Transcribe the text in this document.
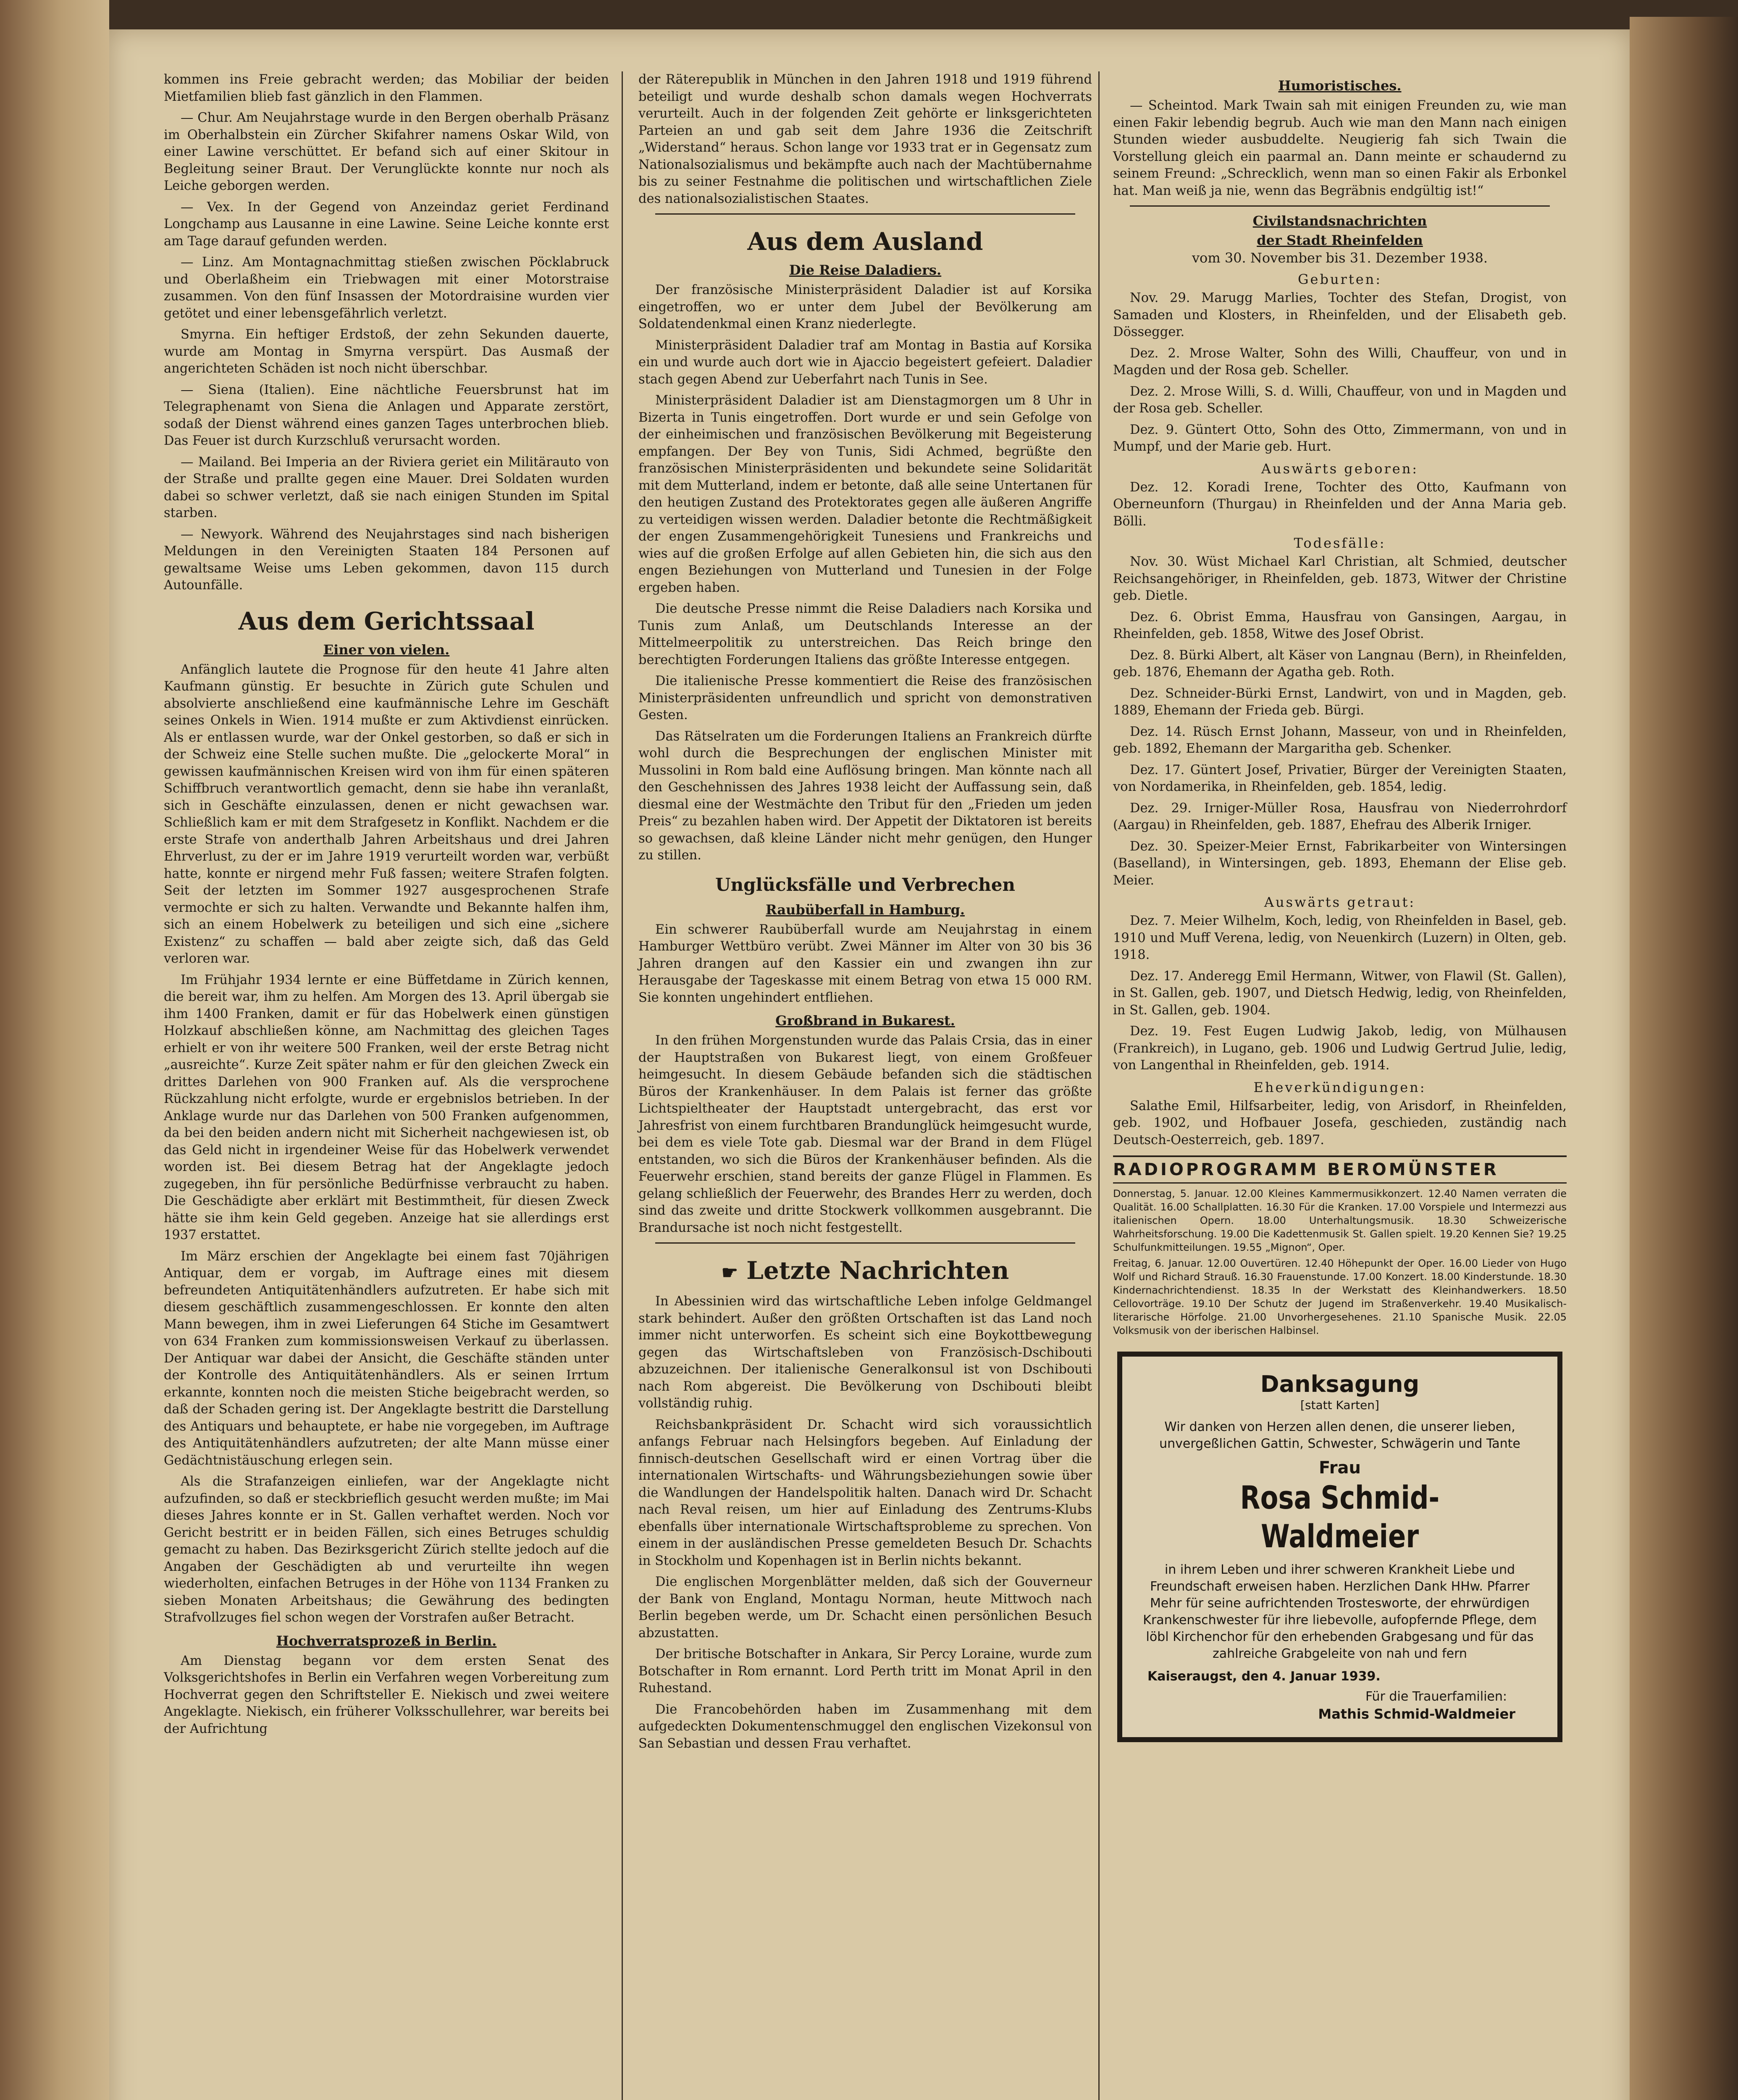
kommen ins Freie gebracht werden; das Mobiliar der beiden Mietfamilien blieb fast gänzlich in den Flammen.

— Chur. Am Neujahrstage wurde in den Bergen oberhalb Präsanz im Oberhalbstein ein Zürcher Skifahrer namens Oskar Wild, von einer Lawine verschüttet. Er befand sich auf einer Skitour in Begleitung seiner Braut. Der Verunglückte konnte nur noch als Leiche geborgen werden.

— Vex. In der Gegend von Anzeindaz geriet Ferdinand Longchamp aus Lausanne in eine Lawine. Seine Leiche konnte erst am Tage darauf gefunden werden.

— Linz. Am Montagnachmittag stießen zwischen Pöcklabruck und Oberlaßheim ein Triebwagen mit einer Motorstraise zusammen. Von den fünf Insassen der Motordraisine wurden vier getötet und einer lebensgefährlich verletzt.

Smyrna. Ein heftiger Erdstoß, der zehn Sekunden dauerte, wurde am Montag in Smyrna verspürt. Das Ausmaß der angerichteten Schäden ist noch nicht überschbar.

— Siena (Italien). Eine nächtliche Feuersbrunst hat im Telegraphenamt von Siena die Anlagen und Apparate zerstört, sodaß der Dienst während eines ganzen Tages unterbrochen blieb. Das Feuer ist durch Kurzschluß verursacht worden.

— Mailand. Bei Imperia an der Riviera geriet ein Militärauto von der Straße und prallte gegen eine Mauer. Drei Soldaten wurden dabei so schwer verletzt, daß sie nach einigen Stunden im Spital starben.

— Newyork. Während des Neujahrstages sind nach bisherigen Meldungen in den Vereinigten Staaten 184 Personen auf gewaltsame Weise ums Leben gekommen, davon 115 durch Autounfälle.

Aus dem Gerichtssaal
Einer von vielen.

Anfänglich lautete die Prognose für den heute 41 Jahre alten Kaufmann günstig. Er besuchte in Zürich gute Schulen und absolvierte anschließend eine kaufmännische Lehre im Geschäft seines Onkels in Wien. 1914 mußte er zum Aktivdienst einrücken. Als er entlassen wurde, war der Onkel gestorben, so daß er sich in der Schweiz eine Stelle suchen mußte. Die „gelockerte Moral“ in gewissen kaufmännischen Kreisen wird von ihm für einen späteren Schiffbruch verantwortlich gemacht, denn sie habe ihn veranlaßt, sich in Geschäfte einzulassen, denen er nicht gewachsen war. Schließlich kam er mit dem Strafgesetz in Konflikt. Nachdem er die erste Strafe von anderthalb Jahren Arbeitshaus und drei Jahren Ehrverlust, zu der er im Jahre 1919 verurteilt worden war, verbüßt hatte, konnte er nirgend mehr Fuß fassen; weitere Strafen folgten. Seit der letzten im Sommer 1927 ausgesprochenen Strafe vermochte er sich zu halten. Verwandte und Bekannte halfen ihm, sich an einem Hobelwerk zu beteiligen und sich eine „sichere Existenz“ zu schaffen — bald aber zeigte sich, daß das Geld verloren war.

Im Frühjahr 1934 lernte er eine Büffetdame in Zürich kennen, die bereit war, ihm zu helfen. Am Morgen des 13. April übergab sie ihm 1400 Franken, damit er für das Hobelwerk einen günstigen Holzkauf abschließen könne, am Nachmittag des gleichen Tages erhielt er von ihr weitere 500 Franken, weil der erste Betrag nicht „ausreichte“. Kurze Zeit später nahm er für den gleichen Zweck ein drittes Darlehen von 900 Franken auf. Als die versprochene Rückzahlung nicht erfolgte, wurde er ergebnislos betrieben. In der Anklage wurde nur das Darlehen von 500 Franken aufgenommen, da bei den beiden andern nicht mit Sicherheit nachgewiesen ist, ob das Geld nicht in irgendeiner Weise für das Hobelwerk verwendet worden ist. Bei diesem Betrag hat der Angeklagte jedoch zugegeben, ihn für persönliche Bedürfnisse verbraucht zu haben. Die Geschädigte aber erklärt mit Bestimmtheit, für diesen Zweck hätte sie ihm kein Geld gegeben. Anzeige hat sie allerdings erst 1937 erstattet.

Im März erschien der Angeklagte bei einem fast 70jährigen Antiquar, dem er vorgab, im Auftrage eines mit diesem befreundeten Antiquitätenhändlers aufzutreten. Er habe sich mit diesem geschäftlich zusammengeschlossen. Er konnte den alten Mann bewegen, ihm in zwei Lieferungen 64 Stiche im Gesamtwert von 634 Franken zum kommissionsweisen Verkauf zu überlassen. Der Antiquar war dabei der Ansicht, die Geschäfte ständen unter der Kontrolle des Antiquitätenhändlers. Als er seinen Irrtum erkannte, konnten noch die meisten Stiche beigebracht werden, so daß der Schaden gering ist. Der Angeklagte bestritt die Darstellung des Antiquars und behauptete, er habe nie vorgegeben, im Auftrage des Antiquitätenhändlers aufzutreten; der alte Mann müsse einer Gedächtnistäuschung erlegen sein.

Als die Strafanzeigen einliefen, war der Angeklagte nicht aufzufinden, so daß er steckbrieflich gesucht werden mußte; im Mai dieses Jahres konnte er in St. Gallen verhaftet werden. Noch vor Gericht bestritt er in beiden Fällen, sich eines Betruges schuldig gemacht zu haben. Das Bezirksgericht Zürich stellte jedoch auf die Angaben der Geschädigten ab und verurteilte ihn wegen wiederholten, einfachen Betruges in der Höhe von 1134 Franken zu sieben Monaten Arbeitshaus; die Gewährung des bedingten Strafvollzuges fiel schon wegen der Vorstrafen außer Betracht.

Hochverratsprozeß in Berlin.

Am Dienstag begann vor dem ersten Senat des Volksgerichtshofes in Berlin ein Verfahren wegen Vorbereitung zum Hochverrat gegen den Schriftsteller E. Niekisch und zwei weitere Angeklagte. Niekisch, ein früherer Volksschullehrer, war bereits bei der Aufrichtung

der Räterepublik in München in den Jahren 1918 und 1919 führend beteiligt und wurde deshalb schon damals wegen Hochverrats verurteilt. Auch in der folgenden Zeit gehörte er linksgerichteten Parteien an und gab seit dem Jahre 1936 die Zeitschrift „Widerstand“ heraus. Schon lange vor 1933 trat er in Gegensatz zum Nationalsozialismus und bekämpfte auch nach der Machtübernahme bis zu seiner Festnahme die politischen und wirtschaftlichen Ziele des nationalsozialistischen Staates.

Aus dem Ausland
Die Reise Daladiers.

Der französische Ministerpräsident Daladier ist auf Korsika eingetroffen, wo er unter dem Jubel der Bevölkerung am Soldatendenkmal einen Kranz niederlegte.

Ministerpräsident Daladier traf am Montag in Bastia auf Korsika ein und wurde auch dort wie in Ajaccio begeistert gefeiert. Daladier stach gegen Abend zur Ueberfahrt nach Tunis in See.

Ministerpräsident Daladier ist am Dienstagmorgen um 8 Uhr in Bizerta in Tunis eingetroffen. Dort wurde er und sein Gefolge von der einheimischen und französischen Bevölkerung mit Begeisterung empfangen. Der Bey von Tunis, Sidi Achmed, begrüßte den französischen Ministerpräsidenten und bekundete seine Solidarität mit dem Mutterland, indem er betonte, daß alle seine Untertanen für den heutigen Zustand des Protektorates gegen alle äußeren Angriffe zu verteidigen wissen werden. Daladier betonte die Rechtmäßigkeit der engen Zusammengehörigkeit Tunesiens und Frankreichs und wies auf die großen Erfolge auf allen Gebieten hin, die sich aus den engen Beziehungen von Mutterland und Tunesien in der Folge ergeben haben.

Die deutsche Presse nimmt die Reise Daladiers nach Korsika und Tunis zum Anlaß, um Deutschlands Interesse an der Mittelmeerpolitik zu unterstreichen. Das Reich bringe den berechtigten Forderungen Italiens das größte Interesse entgegen.

Die italienische Presse kommentiert die Reise des französischen Ministerpräsidenten unfreundlich und spricht von demonstrativen Gesten.

Das Rätselraten um die Forderungen Italiens an Frankreich dürfte wohl durch die Besprechungen der englischen Minister mit Mussolini in Rom bald eine Auflösung bringen. Man könnte nach all den Geschehnissen des Jahres 1938 leicht der Auffassung sein, daß diesmal eine der Westmächte den Tribut für den „Frieden um jeden Preis“ zu bezahlen haben wird. Der Appetit der Diktatoren ist bereits so gewachsen, daß kleine Länder nicht mehr genügen, den Hunger zu stillen.

Unglücksfälle und Verbrechen
Raubüberfall in Hamburg.

Ein schwerer Raubüberfall wurde am Neujahrstag in einem Hamburger Wettbüro verübt. Zwei Männer im Alter von 30 bis 36 Jahren drangen auf den Kassier ein und zwangen ihn zur Herausgabe der Tageskasse mit einem Betrag von etwa 15 000 RM. Sie konnten ungehindert entfliehen.

Großbrand in Bukarest.

In den frühen Morgenstunden wurde das Palais Crsia, das in einer der Hauptstraßen von Bukarest liegt, von einem Großfeuer heimgesucht. In diesem Gebäude befanden sich die städtischen Büros der Krankenhäuser. In dem Palais ist ferner das größte Lichtspieltheater der Hauptstadt untergebracht, das erst vor Jahresfrist von einem furchtbaren Brandunglück heimgesucht wurde, bei dem es viele Tote gab. Diesmal war der Brand in dem Flügel entstanden, wo sich die Büros der Krankenhäuser befinden. Als die Feuerwehr erschien, stand bereits der ganze Flügel in Flammen. Es gelang schließlich der Feuerwehr, des Brandes Herr zu werden, doch sind das zweite und dritte Stockwerk vollkommen ausgebrannt. Die Brandursache ist noch nicht festgestellt.

☛ Letzte Nachrichten

In Abessinien wird das wirtschaftliche Leben infolge Geldmangel stark behindert. Außer den größten Ortschaften ist das Land noch immer nicht unterworfen. Es scheint sich eine Boykottbewegung gegen das Wirtschaftsleben von Französisch-Dschibouti abzuzeichnen. Der italienische Generalkonsul ist von Dschibouti nach Rom abgereist. Die Bevölkerung von Dschibouti bleibt vollständig ruhig.

Reichsbankpräsident Dr. Schacht wird sich voraussichtlich anfangs Februar nach Helsingfors begeben. Auf Einladung der finnisch-deutschen Gesellschaft wird er einen Vortrag über die internationalen Wirtschafts- und Währungsbeziehungen sowie über die Wandlungen der Handelspolitik halten. Danach wird Dr. Schacht nach Reval reisen, um hier auf Einladung des Zentrums-Klubs ebenfalls über internationale Wirtschaftsprobleme zu sprechen. Von einem in der ausländischen Presse gemeldeten Besuch Dr. Schachts in Stockholm und Kopenhagen ist in Berlin nichts bekannt.

Die englischen Morgenblätter melden, daß sich der Gouverneur der Bank von England, Montagu Norman, heute Mittwoch nach Berlin begeben werde, um Dr. Schacht einen persönlichen Besuch abzustatten.

Der britische Botschafter in Ankara, Sir Percy Loraine, wurde zum Botschafter in Rom ernannt. Lord Perth tritt im Monat April in den Ruhestand.

Die Francobehörden haben im Zusammenhang mit dem aufgedeckten Dokumentenschmuggel den englischen Vizekonsul von San Sebastian und dessen Frau verhaftet.

Humoristisches.

— Scheintod. Mark Twain sah mit einigen Freunden zu, wie man einen Fakir lebendig begrub. Auch wie man den Mann nach einigen Stunden wieder ausbuddelte. Neugierig fah sich Twain die Vorstellung gleich ein paarmal an. Dann meinte er schaudernd zu seinem Freund: „Schrecklich, wenn man so einen Fakir als Erbonkel hat. Man weiß ja nie, wenn das Begräbnis endgültig ist!“

Civilstandsnachrichten
der Stadt Rheinfelden
vom 30. November bis 31. Dezember 1938.
Geburten:

Nov. 29. Marugg Marlies, Tochter des Stefan, Drogist, von Samaden und Klosters, in Rheinfelden, und der Elisabeth geb. Dössegger.

Dez. 2. Mrose Walter, Sohn des Willi, Chauffeur, von und in Magden und der Rosa geb. Scheller.

Dez. 2. Mrose Willi, S. d. Willi, Chauffeur, von und in Magden und der Rosa geb. Scheller.

Dez. 9. Güntert Otto, Sohn des Otto, Zimmermann, von und in Mumpf, und der Marie geb. Hurt.

Auswärts geboren:

Dez. 12. Koradi Irene, Tochter des Otto, Kaufmann von Oberneunforn (Thurgau) in Rheinfelden und der Anna Maria geb. Bölli.

Todesfälle:

Nov. 30. Wüst Michael Karl Christian, alt Schmied, deutscher Reichsangehöriger, in Rheinfelden, geb. 1873, Witwer der Christine geb. Dietle.

Dez. 6. Obrist Emma, Hausfrau von Gansingen, Aargau, in Rheinfelden, geb. 1858, Witwe des Josef Obrist.

Dez. 8. Bürki Albert, alt Käser von Langnau (Bern), in Rheinfelden, geb. 1876, Ehemann der Agatha geb. Roth.

Dez. Schneider-Bürki Ernst, Landwirt, von und in Magden, geb. 1889, Ehemann der Frieda geb. Bürgi.

Dez. 14. Rüsch Ernst Johann, Masseur, von und in Rheinfelden, geb. 1892, Ehemann der Margaritha geb. Schenker.

Dez. 17. Güntert Josef, Privatier, Bürger der Vereinigten Staaten, von Nordamerika, in Rheinfelden, geb. 1854, ledig.

Dez. 29. Irniger-Müller Rosa, Hausfrau von Niederrohrdorf (Aargau) in Rheinfelden, geb. 1887, Ehefrau des Alberik Irniger.

Dez. 30. Speizer-Meier Ernst, Fabrikarbeiter von Wintersingen (Baselland), in Wintersingen, geb. 1893, Ehemann der Elise geb. Meier.

Auswärts getraut:

Dez. 7. Meier Wilhelm, Koch, ledig, von Rheinfelden in Basel, geb. 1910 und Muff Verena, ledig, von Neuenkirch (Luzern) in Olten, geb. 1918.

Dez. 17. Anderegg Emil Hermann, Witwer, von Flawil (St. Gallen), in St. Gallen, geb. 1907, und Dietsch Hedwig, ledig, von Rheinfelden, in St. Gallen, geb. 1904.

Dez. 19. Fest Eugen Ludwig Jakob, ledig, von Mülhausen (Frankreich), in Lugano, geb. 1906 und Ludwig Gertrud Julie, ledig, von Langenthal in Rheinfelden, geb. 1914.

Eheverkündigungen:

Salathe Emil, Hilfsarbeiter, ledig, von Arisdorf, in Rheinfelden, geb. 1902, und Hofbauer Josefa, geschieden, zuständig nach Deutsch-Oesterreich, geb. 1897.

RADIOPROGRAMM BEROMÜNSTER

Donnerstag, 5. Januar. 12.00 Kleines Kammermusikkonzert. 12.40 Namen verraten die Qualität. 16.00 Schallplatten. 16.30 Für die Kranken. 17.00 Vorspiele und Intermezzi aus italienischen Opern. 18.00 Unterhaltungsmusik. 18.30 Schweizerische Wahrheitsforschung. 19.00 Die Kadettenmusik St. Gallen spielt. 19.20 Kennen Sie? 19.25 Schulfunkmitteilungen. 19.55 „Mignon“, Oper.

Freitag, 6. Januar. 12.00 Ouvertüren. 12.40 Höhepunkt der Oper. 16.00 Lieder von Hugo Wolf und Richard Strauß. 16.30 Frauenstunde. 17.00 Konzert. 18.00 Kinderstunde. 18.30 Kindernachrichtendienst. 18.35 In der Werkstatt des Kleinhandwerkers. 18.50 Cellovorträge. 19.10 Der Schutz der Jugend im Straßenverkehr. 19.40 Musikalisch-literarische Hörfolge. 21.00 Unvorhergesehenes. 21.10 Spanische Musik. 22.05 Volksmusik von der iberischen Halbinsel.

Danksagung
[statt Karten]
Wir danken von Herzen allen denen, die unserer lieben, unvergeßlichen Gattin, Schwester, Schwägerin und Tante
Frau
Rosa Schmid-Waldmeier
in ihrem Leben und ihrer schweren Krankheit Liebe und Freundschaft erweisen haben. Herzlichen Dank HHw. Pfarrer Mehr für seine aufrichtenden Trostesworte, der ehrwürdigen Krankenschwester für ihre liebevolle, aufopfernde Pflege, dem löbl Kirchenchor für den erhebenden Grabgesang und für das zahlreiche Grabgeleite von nah und fern
Kaiseraugst, den 4. Januar 1939.
Für die Trauerfamilien:
Mathis Schmid-Waldmeier
